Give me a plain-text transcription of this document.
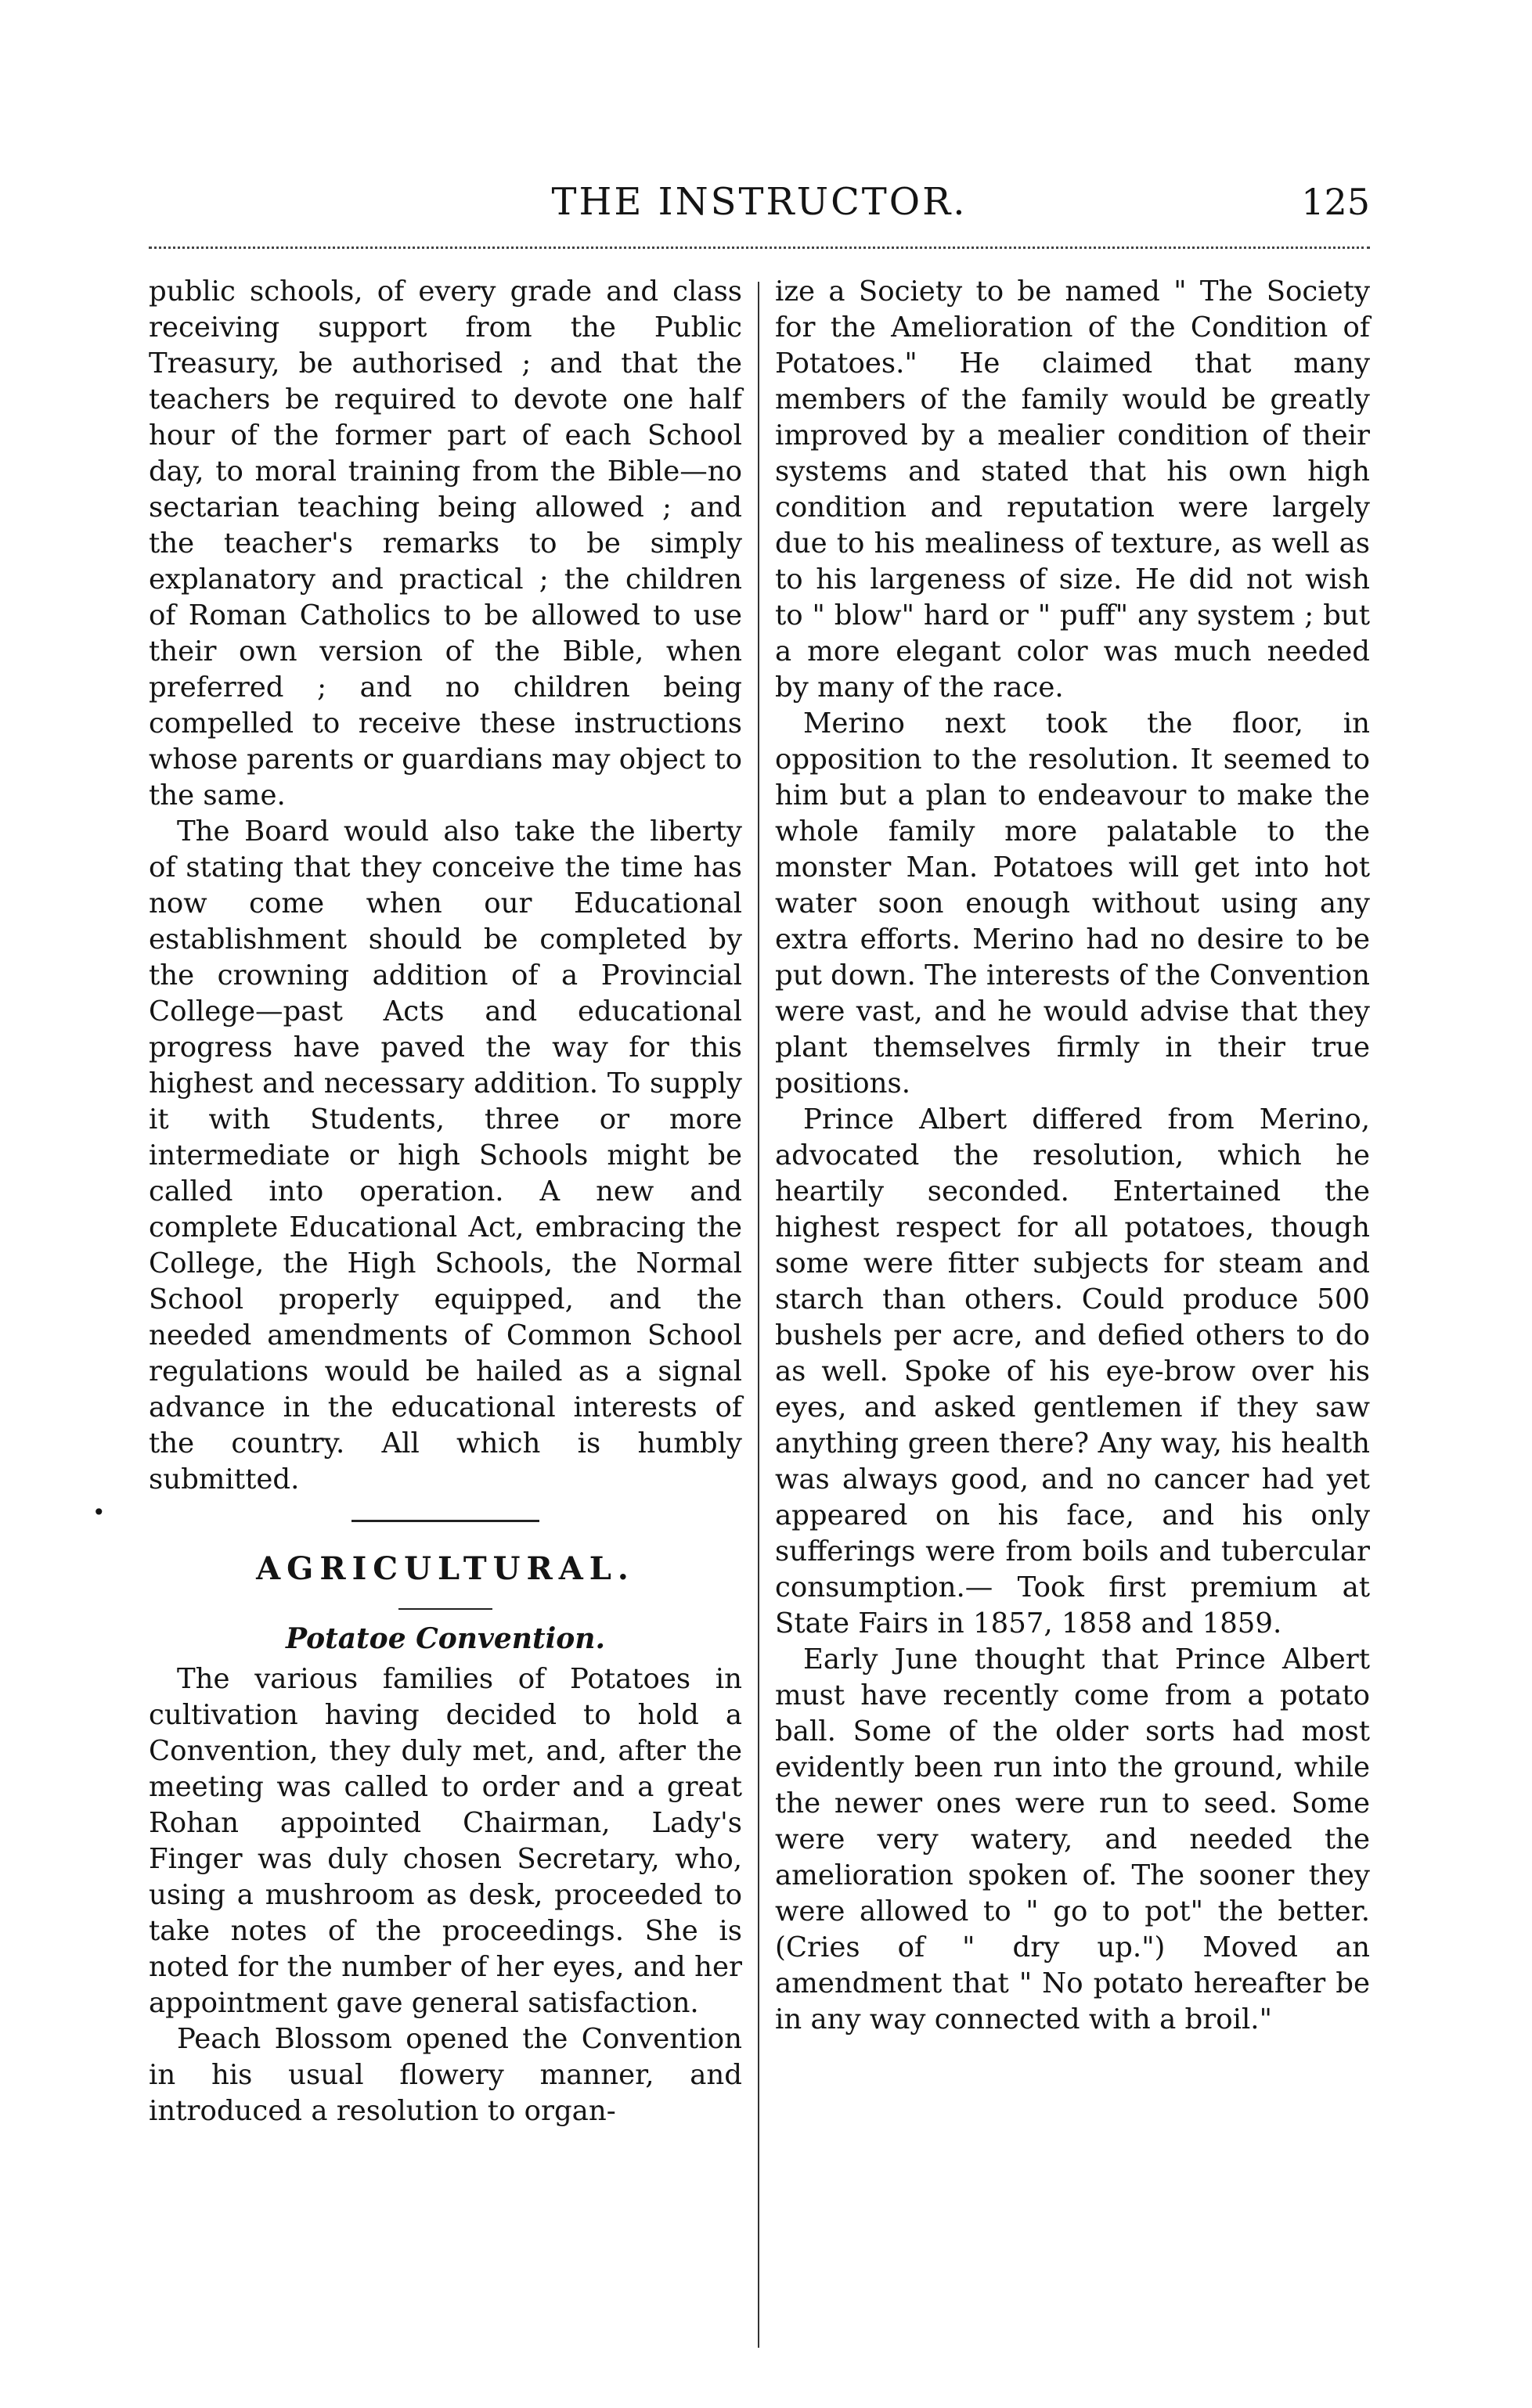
THE INSTRUCTOR.	125

public schools, of every grade and class receiving support from the Public Treasury, be authorised ; and that the teachers be required to devote one half hour of the former part of each School day, to moral training from the Bible—no sectarian teaching being allowed ; and the teacher's remarks to be simply explanatory and practical ; the children of Roman Catholics to be allowed to use their own version of the Bible, when preferred ; and no children being compelled to receive these instructions whose parents or guardians may object to the same.

The Board would also take the liberty of stating that they conceive the time has now come when our Educational establishment should be completed by the crowning addition of a Provincial College—past Acts and educational progress have paved the way for this highest and necessary addition. To supply it with Students, three or more intermediate or high Schools might be called into operation. A new and complete Educational Act, embracing the College, the High Schools, the Normal School properly equipped, and the needed amendments of Common School regulations would be hailed as a signal advance in the educational interests of the country. All which is humbly submitted.

AGRICULTURAL.
Potatoe Convention.

The various families of Potatoes in cultivation having decided to hold a Convention, they duly met, and, after the meeting was called to order and a great Rohan appointed Chairman, Lady's Finger was duly chosen Secretary, who, using a mushroom as desk, proceeded to take notes of the proceedings. She is noted for the number of her eyes, and her appointment gave general satisfaction.

Peach Blossom opened the Convention in his usual flowery manner, and introduced a resolution to organ-

ize a Society to be named " The Society for the Amelioration of the Condition of Potatoes." He claimed that many members of the family would be greatly improved by a mealier condition of their systems and stated that his own high condition and reputation were largely due to his mealiness of texture, as well as to his largeness of size. He did not wish to " blow" hard or " puff" any system ; but a more elegant color was much needed by many of the race.

Merino next took the floor, in opposition to the resolution. It seemed to him but a plan to endeavour to make the whole family more palatable to the monster Man. Potatoes will get into hot water soon enough without using any extra efforts. Merino had no desire to be put down. The interests of the Convention were vast, and he would advise that they plant themselves firmly in their true positions.

Prince Albert differed from Merino, advocated the resolution, which he heartily seconded. Entertained the highest respect for all potatoes, though some were fitter subjects for steam and starch than others. Could produce 500 bushels per acre, and defied others to do as well. Spoke of his eye-brow over his eyes, and asked gentlemen if they saw anything green there? Any way, his health was always good, and no cancer had yet appeared on his face, and his only sufferings were from boils and tubercular consumption.— Took first premium at State Fairs in 1857, 1858 and 1859.

Early June thought that Prince Albert must have recently come from a potato ball. Some of the older sorts had most evidently been run into the ground, while the newer ones were run to seed. Some were very watery, and needed the amelioration spoken of. The sooner they were allowed to " go to pot" the better. (Cries of " dry up.") Moved an amendment that " No potato hereafter be in any way connected with a broil."

•
